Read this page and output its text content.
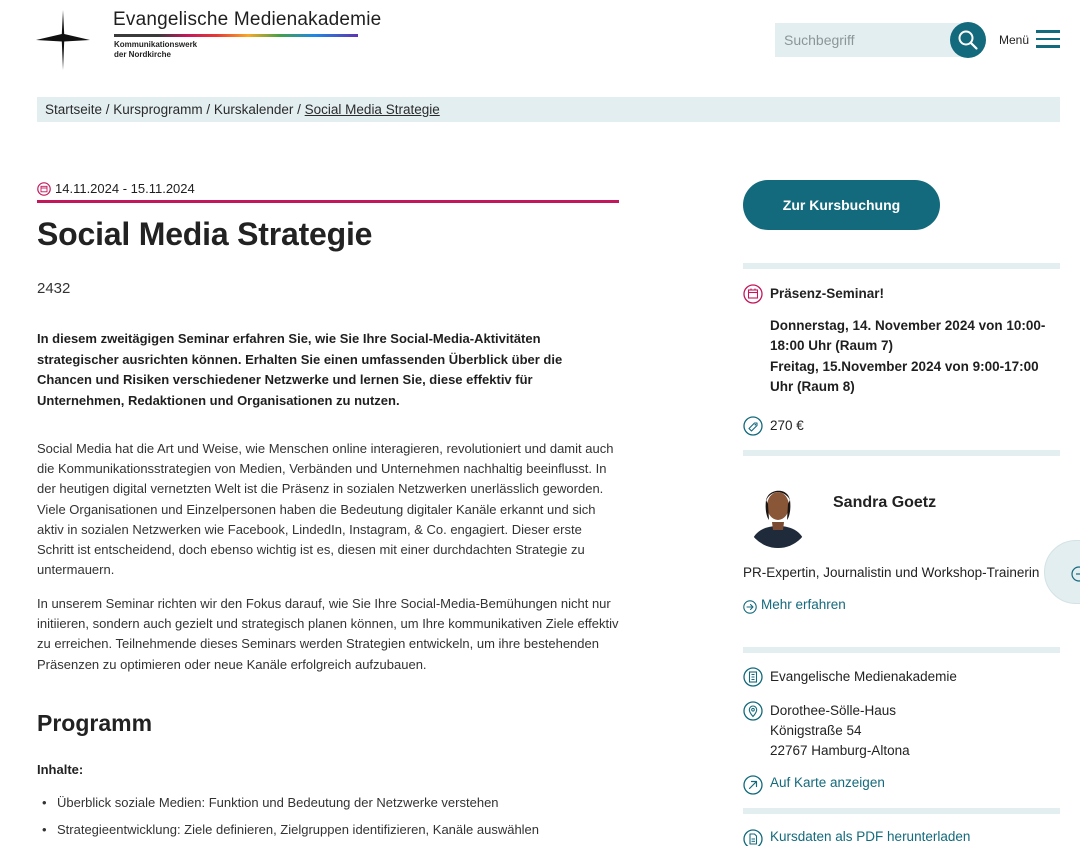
Evangelische Medienakademie
Kommunikationswerk
der Nordkirche
Suchbegriff
Menü
Startseite / Kursprogramm / Kurskalender / Social Media Strategie
14.11.2024 - 15.11.2024
Social Media Strategie
2432

In diesem zweitägigen Seminar erfahren Sie, wie Sie Ihre Social-Media-Aktivitäten strategischer ausrichten können. Erhalten Sie einen umfassenden Überblick über die Chancen und Risiken verschiedener Netzwerke und lernen Sie, diese effektiv für Unternehmen, Redaktionen und Organisationen zu nutzen.

Social Media hat die Art und Weise, wie Menschen online interagieren, revolutioniert und damit auch die Kommunikationsstrategien von Medien, Verbänden und Unternehmen nachhaltig beeinflusst. In der heutigen digital vernetzten Welt ist die Präsenz in sozialen Netzwerken unerlässlich geworden. Viele Organisationen und Einzelpersonen haben die Bedeutung digitaler Kanäle erkannt und sich aktiv in sozialen Netzwerken wie Facebook, LindedIn, Instagram, & Co. engagiert. Dieser erste Schritt ist entscheidend, doch ebenso wichtig ist es, diesen mit einer durchdachten Strategie zu untermauern.

In unserem Seminar richten wir den Fokus darauf, wie Sie Ihre Social-Media-Bemühungen nicht nur initiieren, sondern auch gezielt und strategisch planen können, um Ihre kommunikativen Ziele effektiv zu erreichen. Teilnehmende dieses Seminars werden Strategien entwickeln, um ihre bestehenden Präsenzen zu optimieren oder neue Kanäle erfolgreich aufzubauen.

Programm
Inhalte:
• Überblick soziale Medien: Funktion und Bedeutung der Netzwerke verstehen
• Strategieentwicklung: Ziele definieren, Zielgruppen identifizieren, Kanäle auswählen
Zur Kursbuchung
Präsenz-Seminar!
Donnerstag, 14. November 2024 von 10:00-18:00 Uhr (Raum 7)
Freitag, 15.November 2024 von 9:00-17:00 Uhr (Raum 8)
270 €
Sandra Goetz
PR-Expertin, Journalistin und Workshop-Trainerin
Mehr erfahren
Evangelische Medienakademie
Dorothee-Sölle-Haus
Königstraße 54
22767 Hamburg-Altona
Auf Karte anzeigen
Kursdaten als PDF herunterladen
